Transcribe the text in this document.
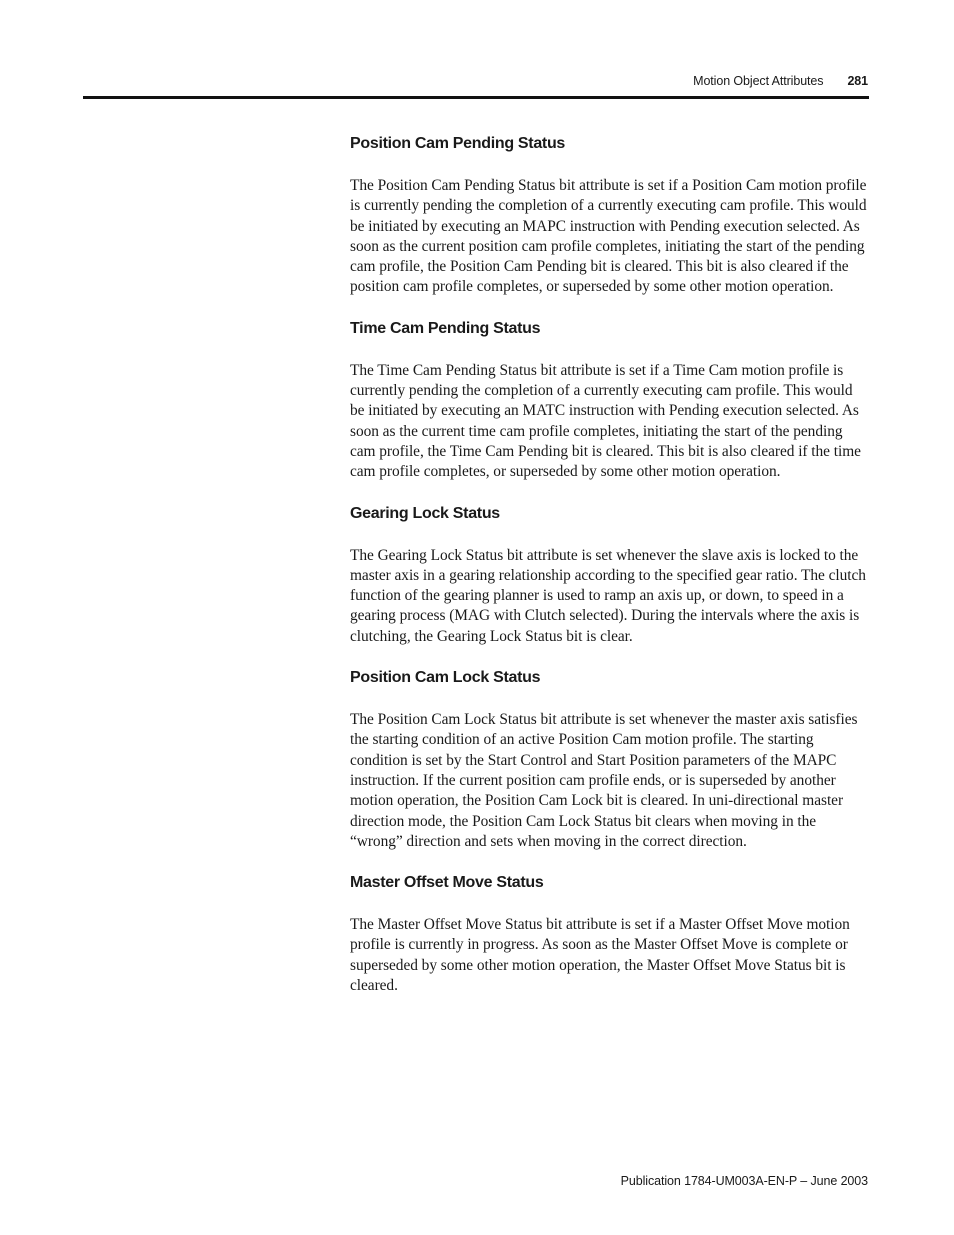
Motion Object Attributes 281
Position Cam Pending Status

The Position Cam Pending Status bit attribute is set if a Position Cam motion profile is currently pending the completion of a currently executing cam profile. This would be initiated by executing an MAPC instruction with Pending execution selected. As soon as the current position cam profile completes, initiating the start of the pending cam profile, the Position Cam Pending bit is cleared. This bit is also cleared if the position cam profile completes, or superseded by some other motion operation.

Time Cam Pending Status

The Time Cam Pending Status bit attribute is set if a Time Cam motion profile is currently pending the completion of a currently executing cam profile. This would be initiated by executing an MATC instruction with Pending execution selected. As soon as the current time cam profile completes, initiating the start of the pending cam profile, the Time Cam Pending bit is cleared. This bit is also cleared if the time cam profile completes, or superseded by some other motion operation.

Gearing Lock Status

The Gearing Lock Status bit attribute is set whenever the slave axis is locked to the master axis in a gearing relationship according to the specified gear ratio. The clutch function of the gearing planner is used to ramp an axis up, or down, to speed in a gearing process (MAG with Clutch selected). During the intervals where the axis is clutching, the Gearing Lock Status bit is clear.

Position Cam Lock Status

The Position Cam Lock Status bit attribute is set whenever the master axis satisfies the starting condition of an active Position Cam motion profile. The starting condition is set by the Start Control and Start Position parameters of the MAPC instruction. If the current position cam profile ends, or is superseded by another motion operation, the Position Cam Lock bit is cleared. In uni-directional master direction mode, the Position Cam Lock Status bit clears when moving in the “wrong” direction and sets when moving in the correct direction.

Master Offset Move Status

The Master Offset Move Status bit attribute is set if a Master Offset Move motion profile is currently in progress. As soon as the Master Offset Move is complete or superseded by some other motion operation, the Master Offset Move Status bit is cleared.

Publication 1784-UM003A-EN-P – June 2003
